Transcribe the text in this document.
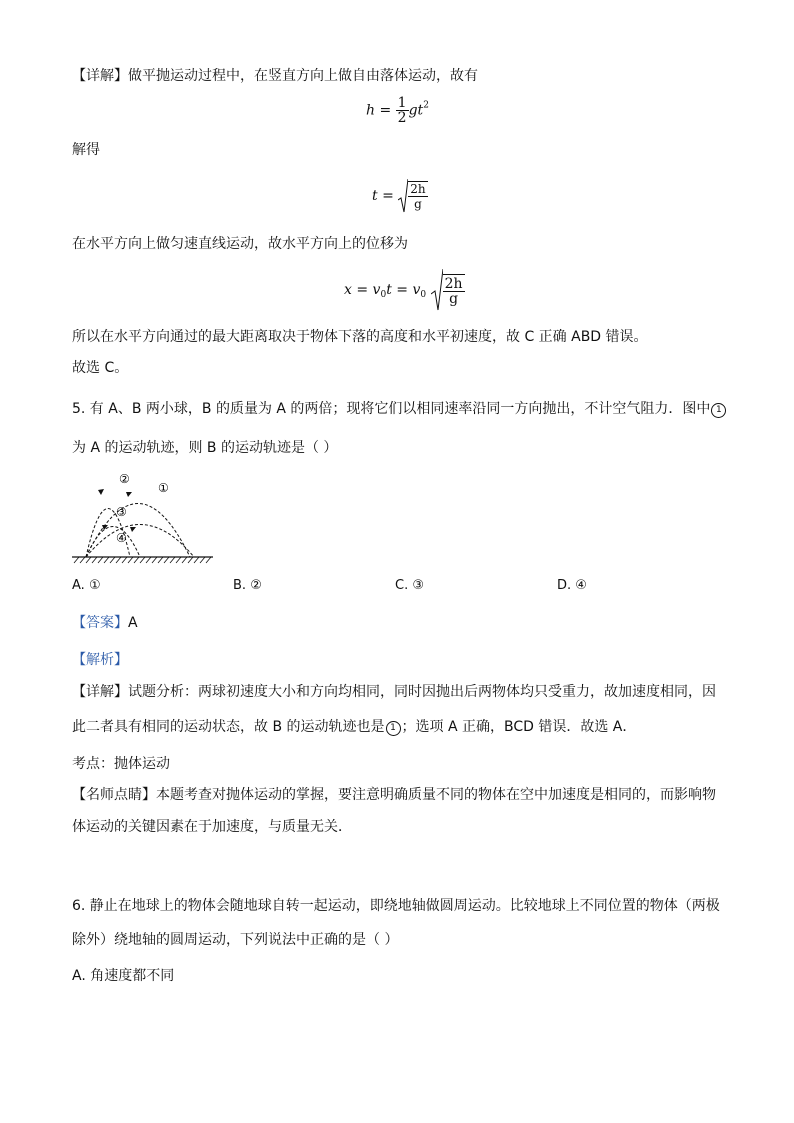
【详解】做平抛运动过程中，在竖直方向上做自由落体运动，故有
$h = \frac{1}{2} gt^2$
解得
$t = \frac{2h}{g}$
在水平方向上做匀速直线运动，故水平方向上的位移为
$x = v_0t = v_0 \frac{2h}{g}$
所以在水平方向通过的最大距离取决于物体下落的高度和水平初速度，故 C 正确 ABD 错误。
故选 C。
5. 有 A、B 两小球，B 的质量为 A 的两倍；现将它们以相同速率沿同一方向抛出，不计空气阻力．图中 1
为 A 的运动轨迹，则 B 的运动轨迹是（ ）
②
①
③
④
A. ①	B. ②	C. ③	D. ④
【答案】A
【解析】
【详解】试题分析：两球初速度大小和方向均相同，同时因抛出后两物体均只受重力，故加速度相同，因
此二者具有相同的运动状态，故 B 的运动轨迹也是 1 ；选项 A 正确，BCD 错误．故选 A．
考点：抛体运动
【名师点睛】本题考查对抛体运动的掌握，要注意明确质量不同的物体在空中加速度是相同的，而影响物
体运动的关键因素在于加速度，与质量无关．
6. 静止在地球上的物体会随地球自转一起运动，即绕地轴做圆周运动。比较地球上不同位置的物体（两极
除外）绕地轴的圆周运动，下列说法中正确的是（ ）
A. 角速度都不同
